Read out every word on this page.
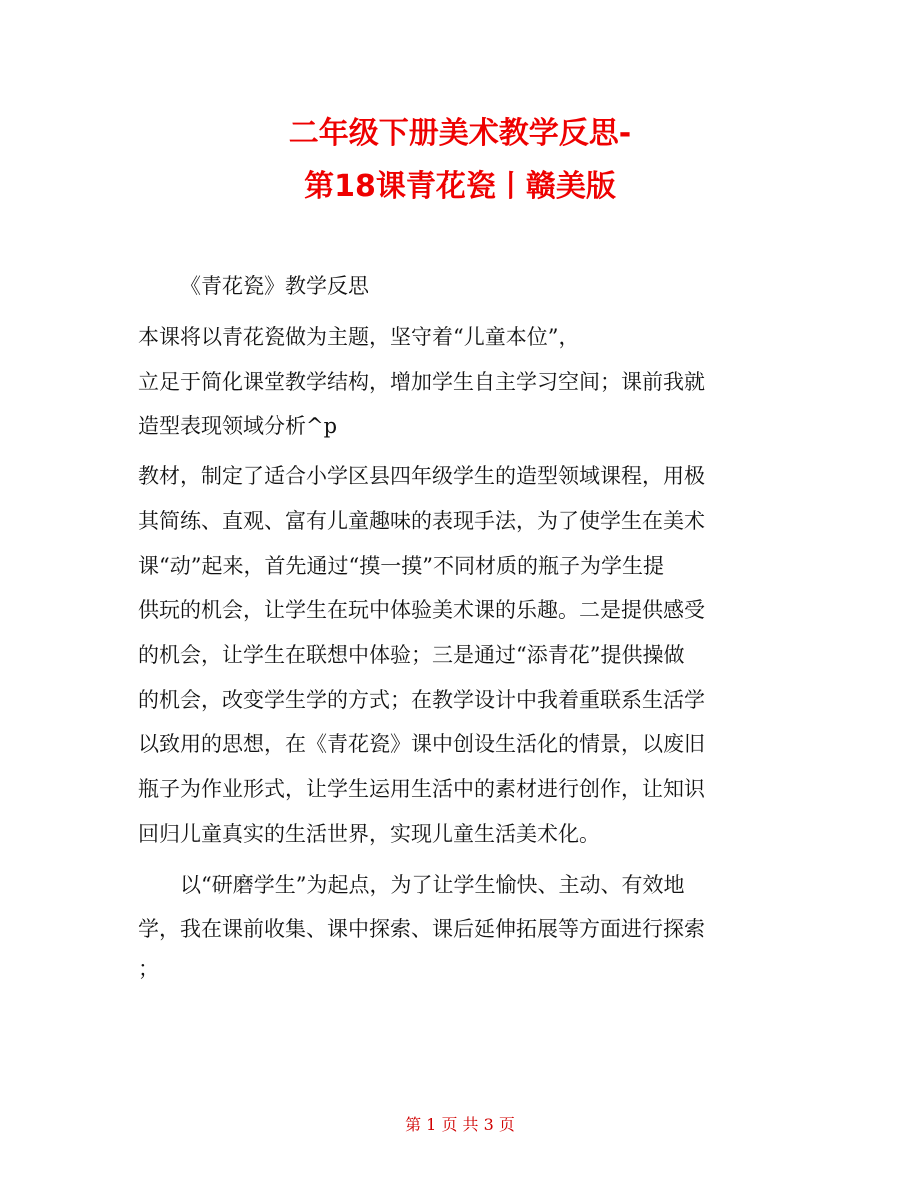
二年级下册美术教学反思-
第18课青花瓷丨赣美版
《青花瓷》教学反思
本课将以青花瓷做为主题，坚守着“儿童本位”，
立足于简化课堂教学结构，增加学生自主学习空间；课前我就
造型表现领域分析^p
教材，制定了适合小学区县四年级学生的造型领域课程，用极
其简练、直观、富有儿童趣味的表现手法，为了使学生在美术
课“动”起来，首先通过“摸一摸”不同材质的瓶子为学生提
供玩的机会，让学生在玩中体验美术课的乐趣。二是提供感受
的机会，让学生在联想中体验；三是通过“添青花”提供操做
的机会，改变学生学的方式；在教学设计中我着重联系生活学
以致用的思想，在《青花瓷》课中创设生活化的情景，以废旧
瓶子为作业形式，让学生运用生活中的素材进行创作，让知识
回归儿童真实的生活世界，实现儿童生活美术化。
以“研磨学生”为起点，为了让学生愉快、主动、有效地
学，我在课前收集、课中探索、课后延伸拓展等方面进行探索
；
第 1 页 共 3 页
